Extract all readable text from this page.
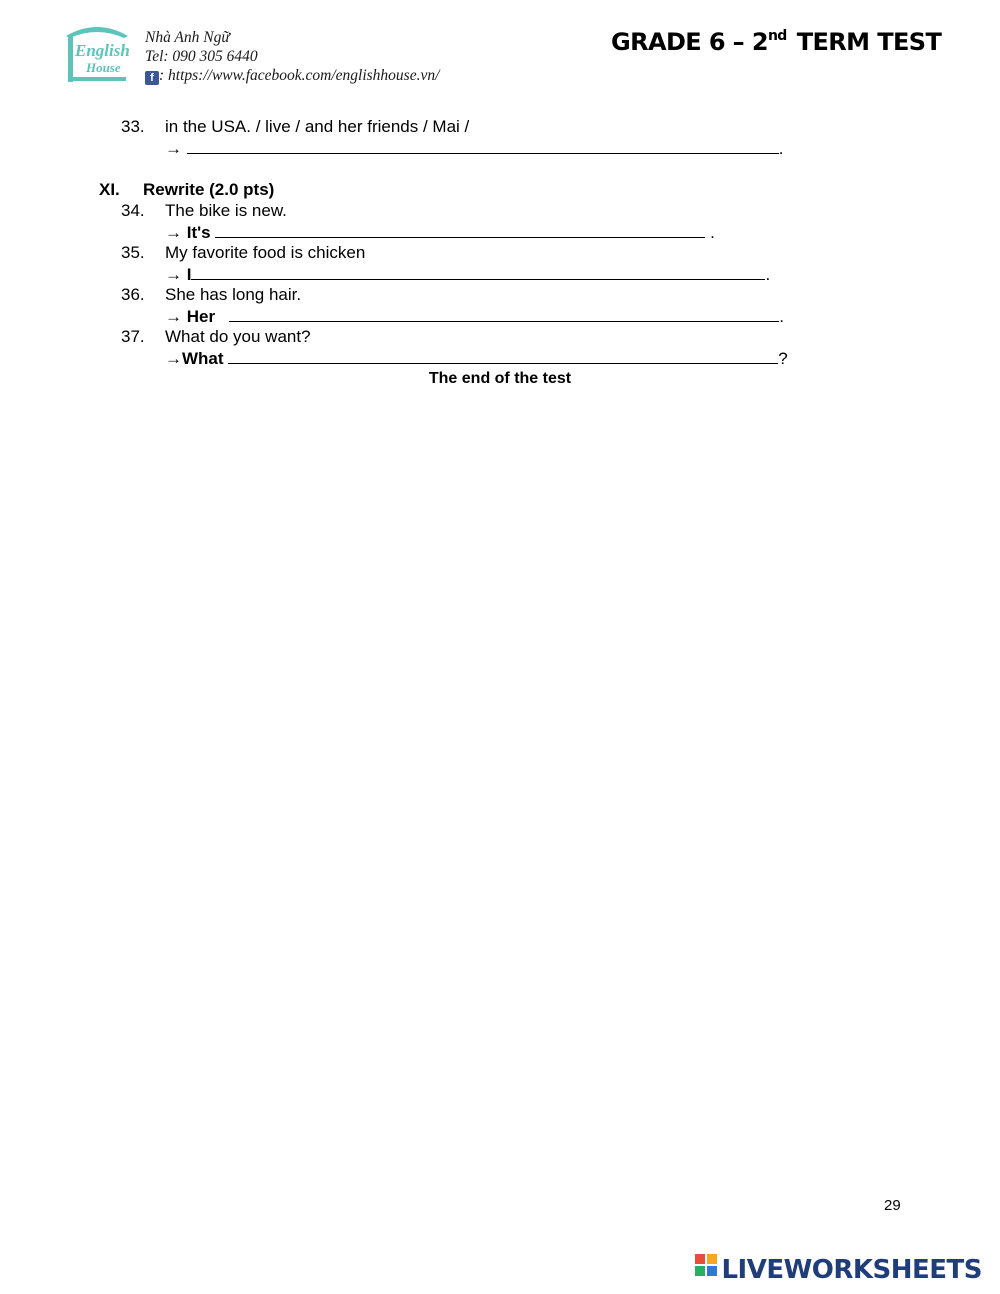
English
House
Nhà Anh Ngữ
Tel: 090 305 6440
f : https://www.facebook.com/englishhouse.vn/
GRADE 6 – 2nd TERM TEST
33. in the USA. / live / and her friends / Mai /
→	.
XI. Rewrite (2.0 pts)
34. The bike is new.
→ It's	.
35. My favorite food is chicken
→ I	.
36. She has long hair.
→ Her	.
37. What do you want?
→What	?
The end of the test
29
LIVEWORKSHEETS
